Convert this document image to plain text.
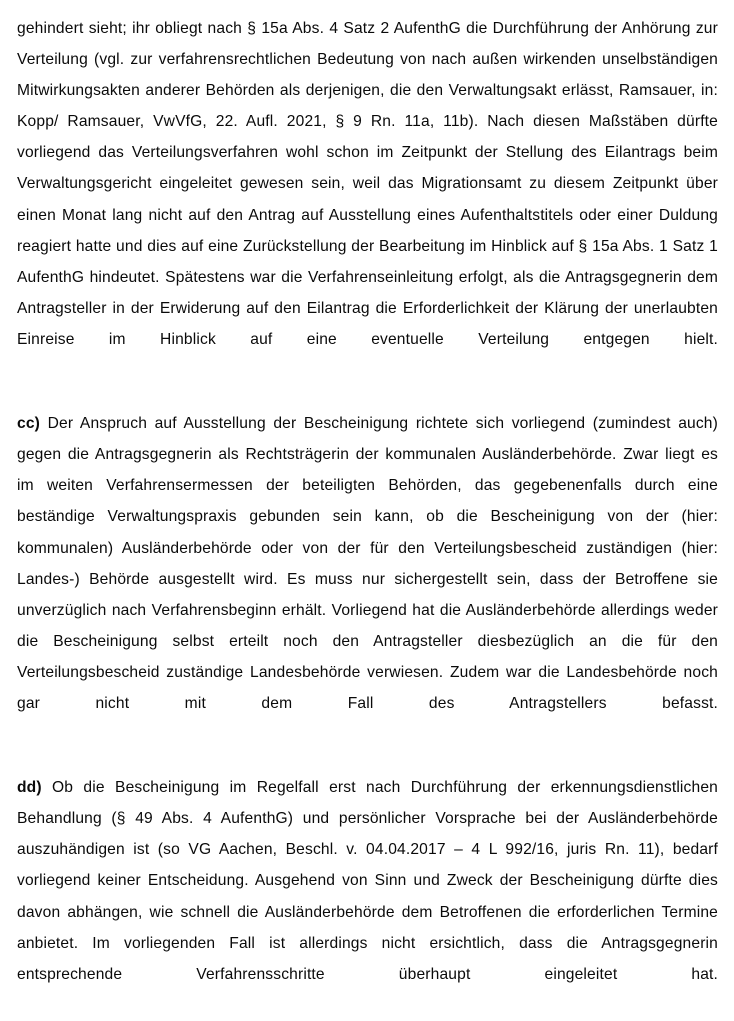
gehindert sieht; ihr obliegt nach § 15a Abs. 4 Satz 2 AufenthG die Durchführung der Anhörung zur Verteilung (vgl. zur verfahrensrechtlichen Bedeutung von nach außen wirkenden unselbständigen Mitwirkungsakten anderer Behörden als derjenigen, die den Verwaltungsakt erlässt, Ramsauer, in: Kopp/ Ramsauer, VwVfG, 22. Aufl. 2021, § 9 Rn. 11a, 11b). Nach diesen Maßstäben dürfte vorliegend das Verteilungsverfahren wohl schon im Zeitpunkt der Stellung des Eilantrags beim Verwaltungsgericht eingeleitet gewesen sein, weil das Migrationsamt zu diesem Zeitpunkt über einen Monat lang nicht auf den Antrag auf Ausstellung eines Aufenthaltstitels oder einer Duldung reagiert hatte und dies auf eine Zurückstellung der Bearbeitung im Hinblick auf § 15a Abs. 1 Satz 1 AufenthG hindeutet. Spätestens war die Verfahrenseinleitung erfolgt, als die Antragsgegnerin dem Antragsteller in der Erwiderung auf den Eilantrag die Erforderlichkeit der Klärung der unerlaubten Einreise im Hinblick auf eine eventuelle Verteilung entgegen hielt.

cc) Der Anspruch auf Ausstellung der Bescheinigung richtete sich vorliegend (zumindest auch) gegen die Antragsgegnerin als Rechtsträgerin der kommunalen Ausländerbehörde. Zwar liegt es im weiten Verfahrensermessen der beteiligten Behörden, das gegebenenfalls durch eine beständige Verwaltungspraxis gebunden sein kann, ob die Bescheinigung von der (hier: kommunalen) Ausländerbehörde oder von der für den Verteilungsbescheid zuständigen (hier: Landes-) Behörde ausgestellt wird. Es muss nur sichergestellt sein, dass der Betroffene sie unverzüglich nach Verfahrensbeginn erhält. Vorliegend hat die Ausländerbehörde allerdings weder die Bescheinigung selbst erteilt noch den Antragsteller diesbezüglich an die für den Verteilungsbescheid zuständige Landesbehörde verwiesen. Zudem war die Landesbehörde noch gar nicht mit dem Fall des Antragstellers befasst.

dd) Ob die Bescheinigung im Regelfall erst nach Durchführung der erkennungsdienstlichen Behandlung (§ 49 Abs. 4 AufenthG) und persönlicher Vorsprache bei der Ausländerbehörde auszuhändigen ist (so VG Aachen, Beschl. v. 04.04.2017 – 4 L 992/16, juris Rn. 11), bedarf vorliegend keiner Entscheidung. Ausgehend von Sinn und Zweck der Bescheinigung dürfte dies davon abhängen, wie schnell die Ausländerbehörde dem Betroffenen die erforderlichen Termine anbietet. Im vorliegenden Fall ist allerdings nicht ersichtlich, dass die Antragsgegnerin entsprechende Verfahrensschritte überhaupt eingeleitet hat.
